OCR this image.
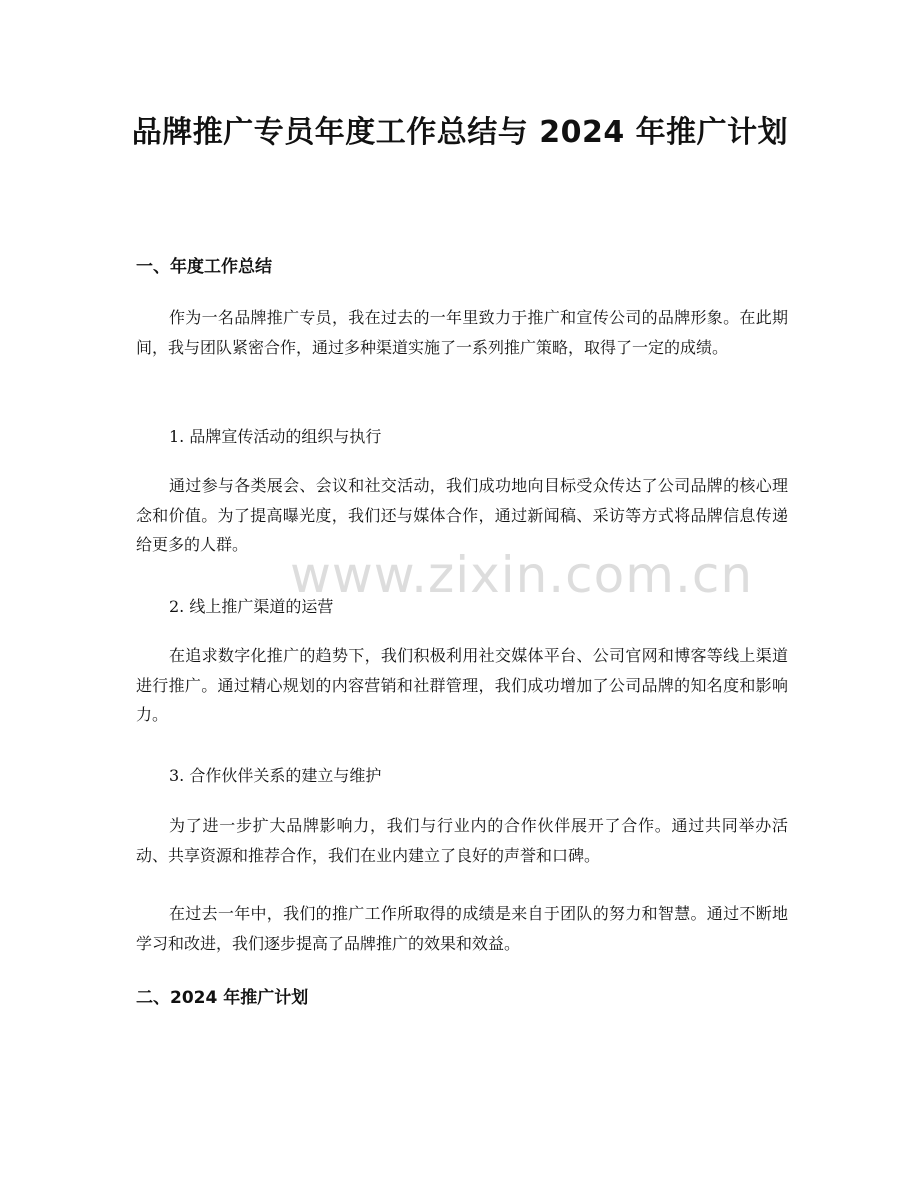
品牌推广专员年度工作总结与 2024 年推广计划
一、年度工作总结

作为一名品牌推广专员，我在过去的一年里致力于推广和宣传公司的品牌形象。在此期间，我与团队紧密合作，通过多种渠道实施了一系列推广策略，取得了一定的成绩。

1. 品牌宣传活动的组织与执行

通过参与各类展会、会议和社交活动，我们成功地向目标受众传达了公司品牌的核心理念和价值。为了提高曝光度，我们还与媒体合作，通过新闻稿、采访等方式将品牌信息传递给更多的人群。

2. 线上推广渠道的运营

在追求数字化推广的趋势下，我们积极利用社交媒体平台、公司官网和博客等线上渠道进行推广。通过精心规划的内容营销和社群管理，我们成功增加了公司品牌的知名度和影响力。

3. 合作伙伴关系的建立与维护

为了进一步扩大品牌影响力，我们与行业内的合作伙伴展开了合作。通过共同举办活动、共享资源和推荐合作，我们在业内建立了良好的声誉和口碑。

在过去一年中，我们的推广工作所取得的成绩是来自于团队的努力和智慧。通过不断地学习和改进，我们逐步提高了品牌推广的效果和效益。

二、2024 年推广计划
www.zixin.com.cn
